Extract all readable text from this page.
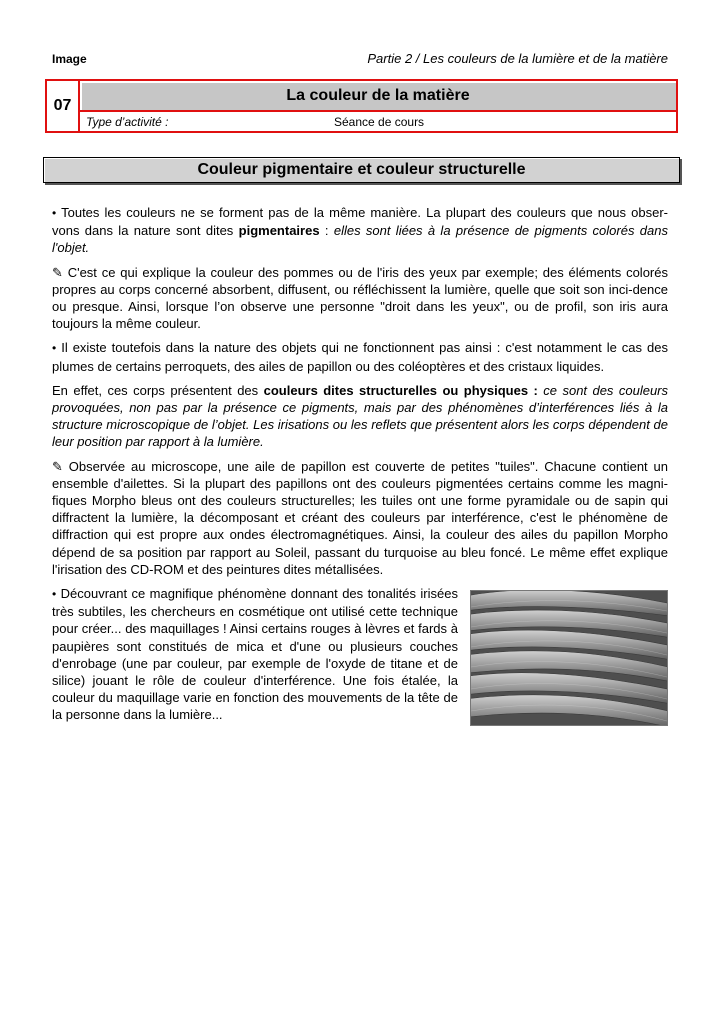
Image	Partie 2 / Les couleurs de la lumière et de la matière
07
La couleur de la matière
Type d’activité :	Séance de cours
Couleur pigmentaire et couleur structurelle

• Toutes les couleurs ne se forment pas de la même manière. La plupart des couleurs que nous obser-vons dans la nature sont dites pigmentaires : elles sont liées à la présence de pigments colorés dans l'objet.

✎ C'est ce qui explique la couleur des pommes ou de l'iris des yeux par exemple; des éléments colorés propres au corps concerné absorbent, diffusent, ou réfléchissent la lumière, quelle que soit son inci-dence ou presque. Ainsi, lorsque l’on observe une personne "droit dans les yeux", ou de profil, son iris aura toujours la même couleur.

• Il existe toutefois dans la nature des objets qui ne fonctionnent pas ainsi : c'est notamment le cas des plumes de certains perroquets, des ailes de papillon ou des coléoptères et des cristaux liquides.

En effet, ces corps présentent des couleurs dites structurelles ou physiques : ce sont des couleurs provoquées, non pas par la présence ce pigments, mais par des phénomènes d’interférences liés à la structure microscopique de l’objet. Les irisations ou les reflets que présentent alors les corps dépendent de leur position par rapport à la lumière.

✎ Observée au microscope, une aile de papillon est couverte de petites "tuiles". Chacune contient un ensemble d'ailettes. Si la plupart des papillons ont des couleurs pigmentées certains comme les magni-fiques Morpho bleus ont des couleurs structurelles; les tuiles ont une forme pyramidale ou de sapin qui diffractent la lumière, la décomposant et créant des couleurs par interférence, c'est le phénomène de diffraction qui est propre aux ondes électromagnétiques. Ainsi, la couleur des ailes du papillon Morpho dépend de sa position par rapport au Soleil, passant du turquoise au bleu foncé. Le même effet explique l'irisation des CD-ROM et des peintures dites métallisées.

• Découvrant ce magnifique phénomène donnant des tonalités irisées très subtiles, les chercheurs en cosmétique ont utilisé cette technique pour créer... des maquillages ! Ainsi certains rouges à lèvres et fards à paupières sont constitués de mica et d'une ou plusieurs couches d'enrobage (une par couleur, par exemple de l'oxyde de titane et de silice) jouant le rôle de couleur d'interférence. Une fois étalée, la couleur du maquillage varie en fonction des mouvements de la tête de la personne dans la lumière...
